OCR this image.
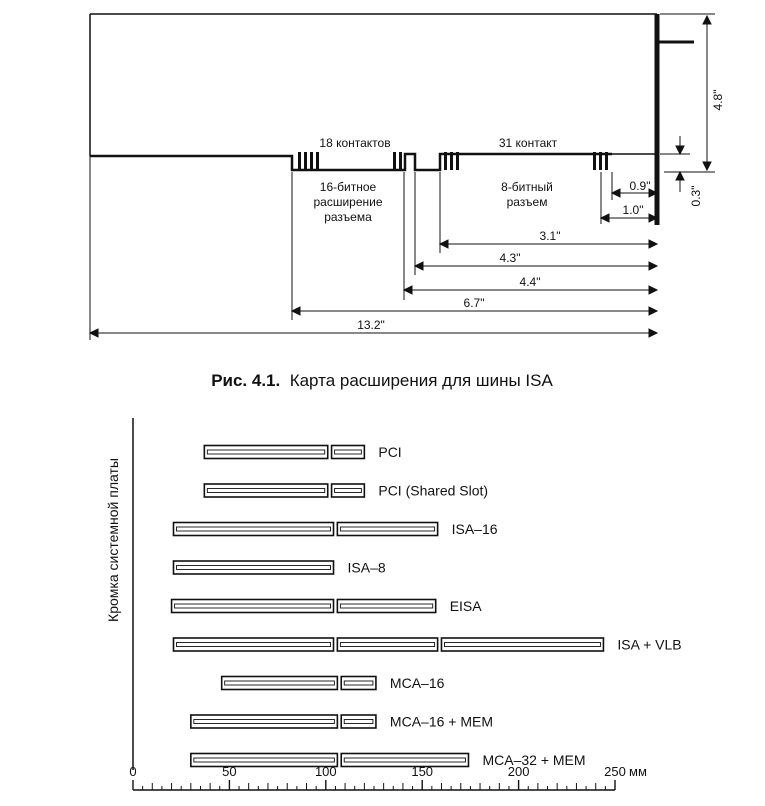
18 контактов	31 контакт
16-битное
расширение
разъема
8-битный
разъем
4.8"
0.3"
0.9"
1.0"
3.1"
4.3"
4.4"
6.7"
13.2"
Рис. 4.1. Карта расширения для шины ISA
Кромка системной платы
PCI
PCI (Shared Slot)
ISA–16
ISA–8
EISA
ISA + VLB
MCA–16
MCA–16 + MEM
MCA–32 + MEM
0	50	100	150	200	250 мм
